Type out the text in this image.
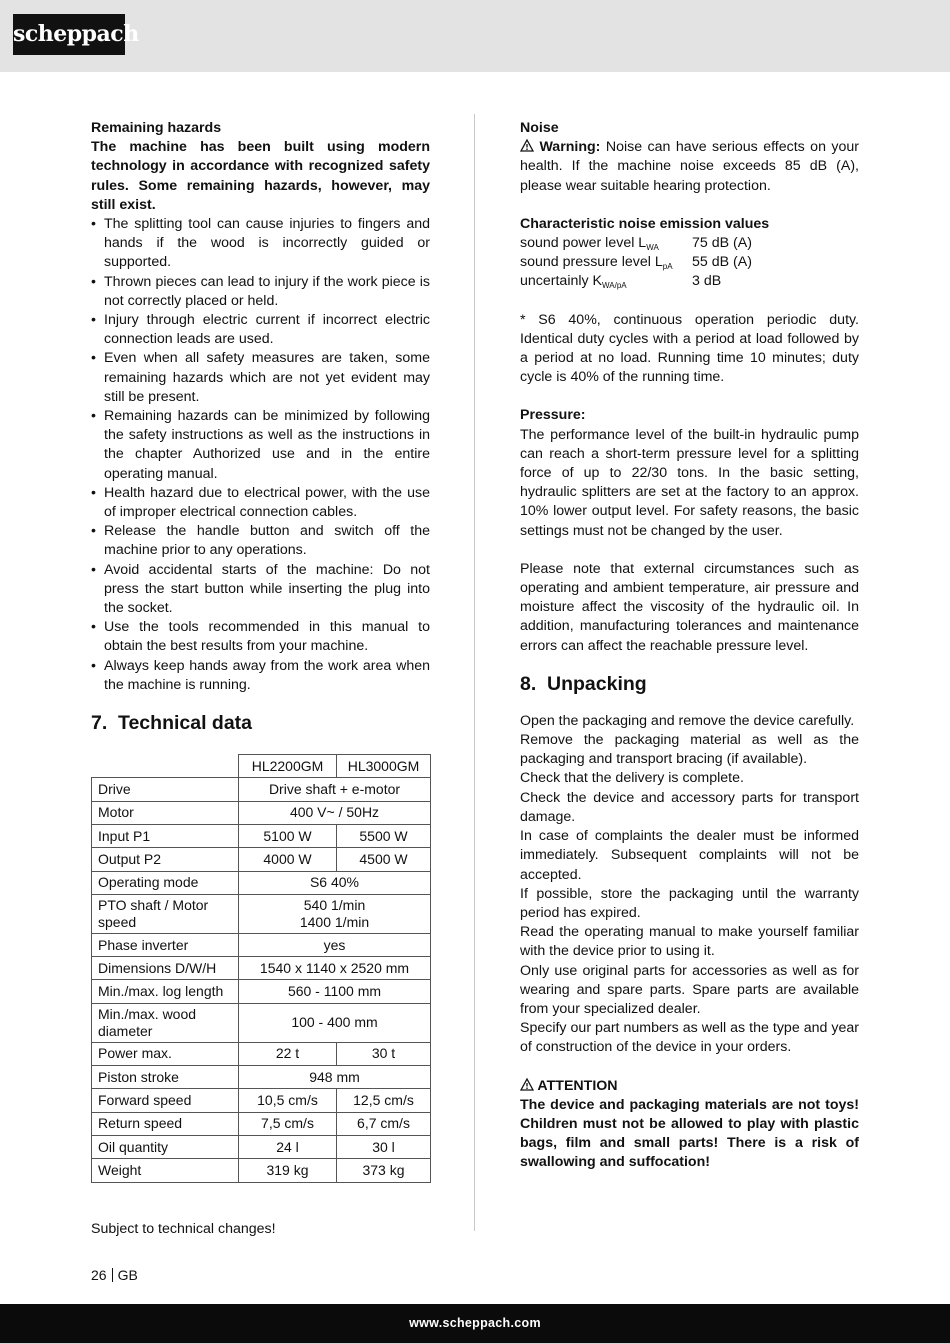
scheppach
Remaining hazards
The machine has been built using modern technology in accordance with recognized safety rules. Some remaining hazards, however, may still exist.
• The splitting tool can cause injuries to fingers and hands if the wood is incorrectly guided or supported.
• Thrown pieces can lead to injury if the work piece is not correctly placed or held.
• Injury through electric current if incorrect electric connection leads are used.
• Even when all safety measures are taken, some remaining hazards which are not yet evident may still be present.
• Remaining hazards can be minimized by following the safety instructions as well as the instructions in the chapter Authorized use and in the entire operating manual.
• Health hazard due to electrical power, with the use of improper electrical connection cables.
• Release the handle button and switch off the machine prior to any operations.
• Avoid accidental starts of the machine: Do not press the start button while inserting the plug into the socket.
• Use the tools recommended in this manual to obtain the best results from your machine.
• Always keep hands away from the work area when the machine is running.
7. Technical data
	HL2200GM	HL3000GM
Drive	Drive shaft + e-motor	
Motor	400 V~ / 50Hz	
Input P1	5100 W	5500 W
Output P2	4000 W	4500 W
Operating mode	S6 40%	
PTO shaft / Motor speed	540 1/min
1400 1/min	

Phase inverter	yes	
Dimensions D/W/H	1540 x 1140 x 2520 mm	
Min./max. log length	560 - 1100 mm	
Min./max. wood diameter	100 - 400 mm	
Power max.	22 t	30 t
Piston stroke	948 mm	
Forward speed	10,5 cm/s	12,5 cm/s
Return speed	7,5 cm/s	6,7 cm/s
Oil quantity	24 l	30 l
Weight	319 kg	373 kg
Subject to technical changes!
Noise
Warning: Noise can have serious effects on your health. If the machine noise exceeds 85 dB (A), please wear suitable hearing protection.
Characteristic noise emission values
sound power level $L_{WA}$	75 dB (A)
sound pressure level $L_{pA}$	55 dB (A)
uncertainly $K_{WA/pA}$	3 dB
* S6 40%, continuous operation periodic duty. Identical duty cycles with a period at load followed by a period at no load. Running time 10 minutes; duty cycle is 40% of the running time.
Pressure:
The performance level of the built-in hydraulic pump can reach a short-term pressure level for a splitting force of up to 22/30 tons. In the basic setting, hydraulic splitters are set at the factory to an approx. 10% lower output level. For safety reasons, the basic settings must not be changed by the user.
Please note that external circumstances such as operating and ambient temperature, air pressure and moisture affect the viscosity of the hydraulic oil. In addition, manufacturing tolerances and maintenance errors can affect the reachable pressure level.
8. Unpacking
Open the packaging and remove the device carefully.
Remove the packaging material as well as the packaging and transport bracing (if available).
Check that the delivery is complete.
Check the device and accessory parts for transport damage.
In case of complaints the dealer must be informed immediately. Subsequent complaints will not be accepted.
If possible, store the packaging until the warranty period has expired.
Read the operating manual to make yourself familiar with the device prior to using it.
Only use original parts for accessories as well as for wearing and spare parts. Spare parts are available from your specialized dealer.
Specify our part numbers as well as the type and year of construction of the device in your orders.
ATTENTION
The device and packaging materials are not toys! Children must not be allowed to play with plastic bags, film and small parts! There is a risk of swallowing and suffocation!
26 GB
www.scheppach.com
